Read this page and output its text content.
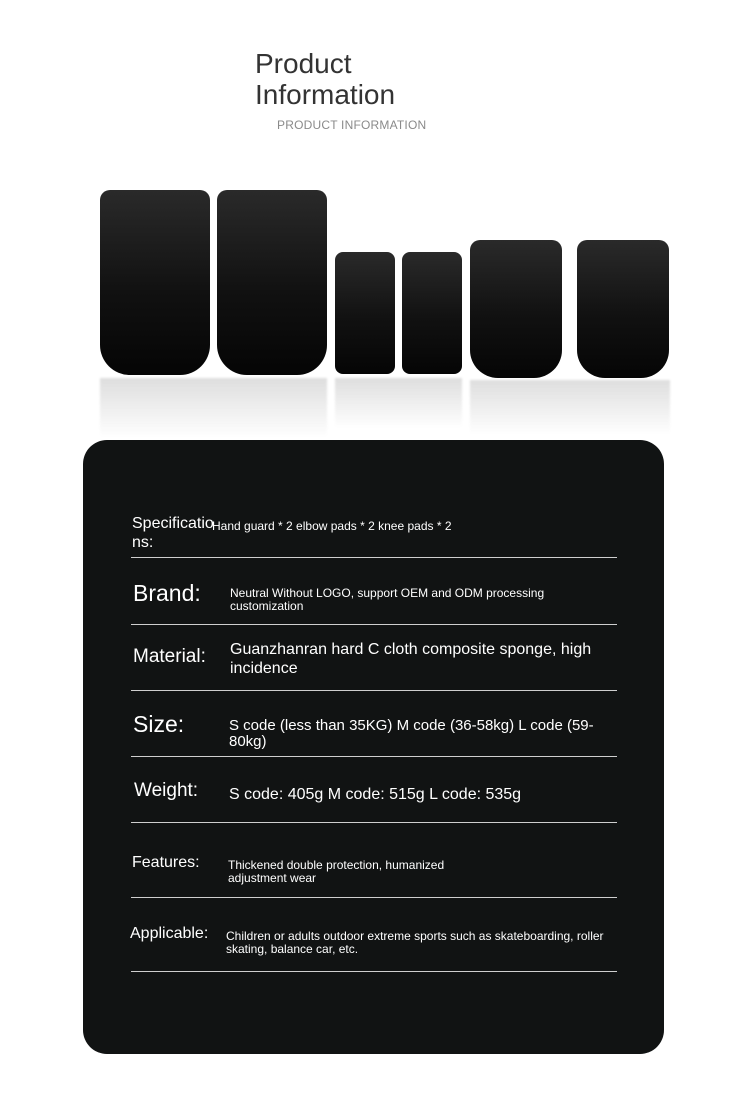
Product
Information
PRODUCT INFORMATION
Specifications:
Hand guard * 2 elbow pads * 2 knee pads * 2
Brand: Neutral Without LOGO, support OEM and ODM processing customization
Material: Guanzhanran hard C cloth composite sponge, high incidence
Size:	S code (less than 35KG) M code (36-58kg) L code (59-80kg)
Weight: S code: 405g M code: 515g L code: 535g
Features: Thickened double protection, humanized adjustment wear
Applicable: Children or adults outdoor extreme sports such as skateboarding, roller skating, balance car, etc.
